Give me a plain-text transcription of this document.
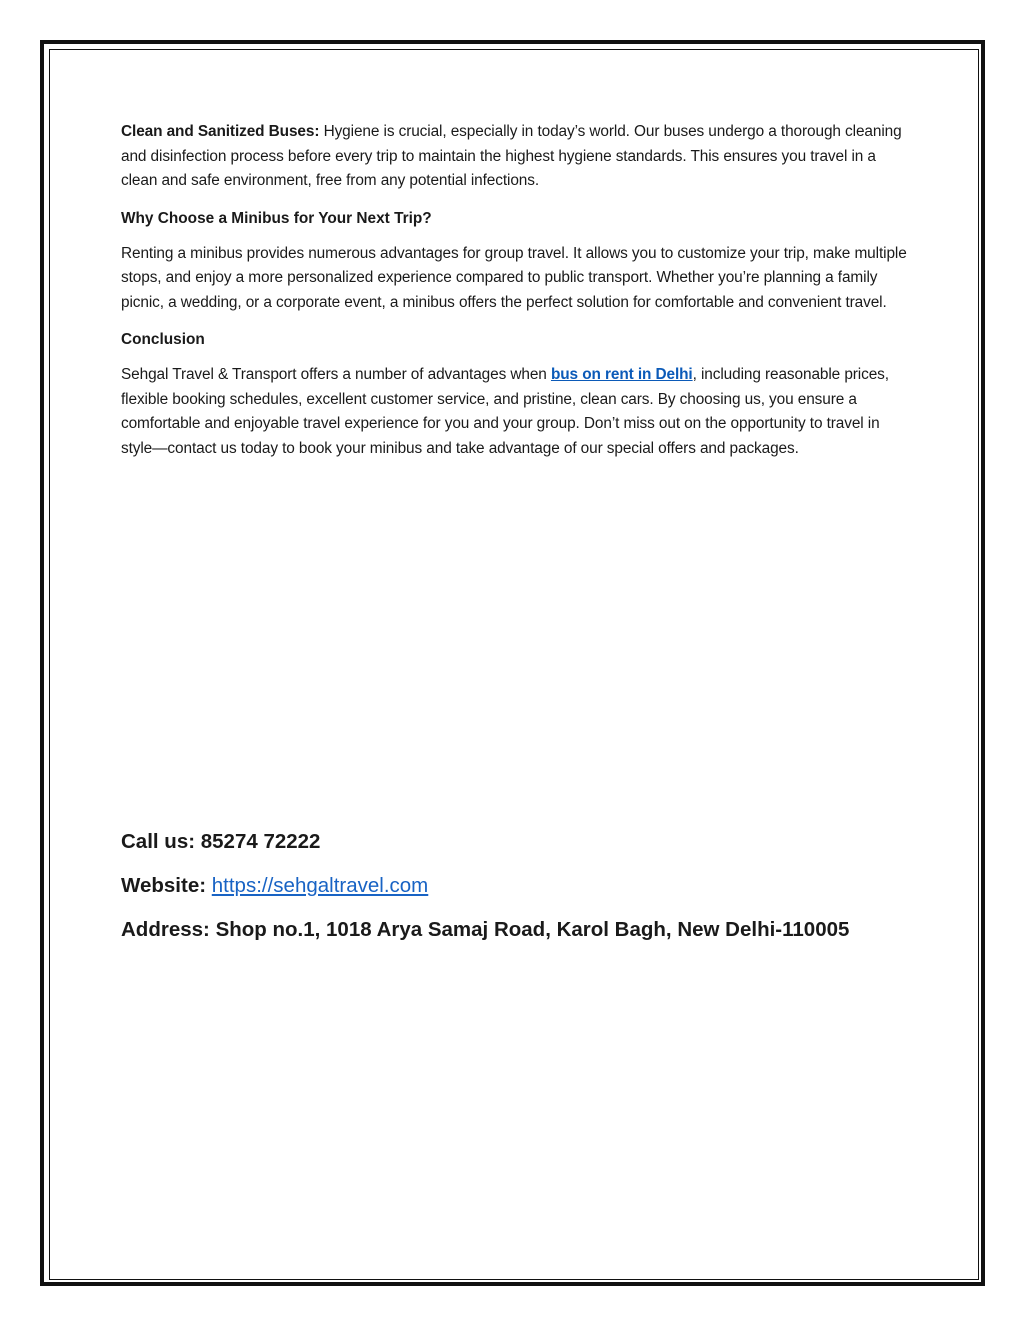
Clean and Sanitized Buses: Hygiene is crucial, especially in today’s world. Our buses undergo a thorough cleaning and disinfection process before every trip to maintain the highest hygiene standards. This ensures you travel in a clean and safe environment, free from any potential infections.

Why Choose a Minibus for Your Next Trip?

Renting a minibus provides numerous advantages for group travel. It allows you to customize your trip, make multiple stops, and enjoy a more personalized experience compared to public transport. Whether you’re planning a family picnic, a wedding, or a corporate event, a minibus offers the perfect solution for comfortable and convenient travel.

Conclusion

Sehgal Travel & Transport offers a number of advantages when bus on rent in Delhi, including reasonable prices, flexible booking schedules, excellent customer service, and pristine, clean cars. By choosing us, you ensure a comfortable and enjoyable travel experience for you and your group. Don’t miss out on the opportunity to travel in style—contact us today to book your minibus and take advantage of our special offers and packages.

Call us: 85274 72222

Website: https://sehgaltravel.com

Address: Shop no.1, 1018 Arya Samaj Road, Karol Bagh, New Delhi-110005
